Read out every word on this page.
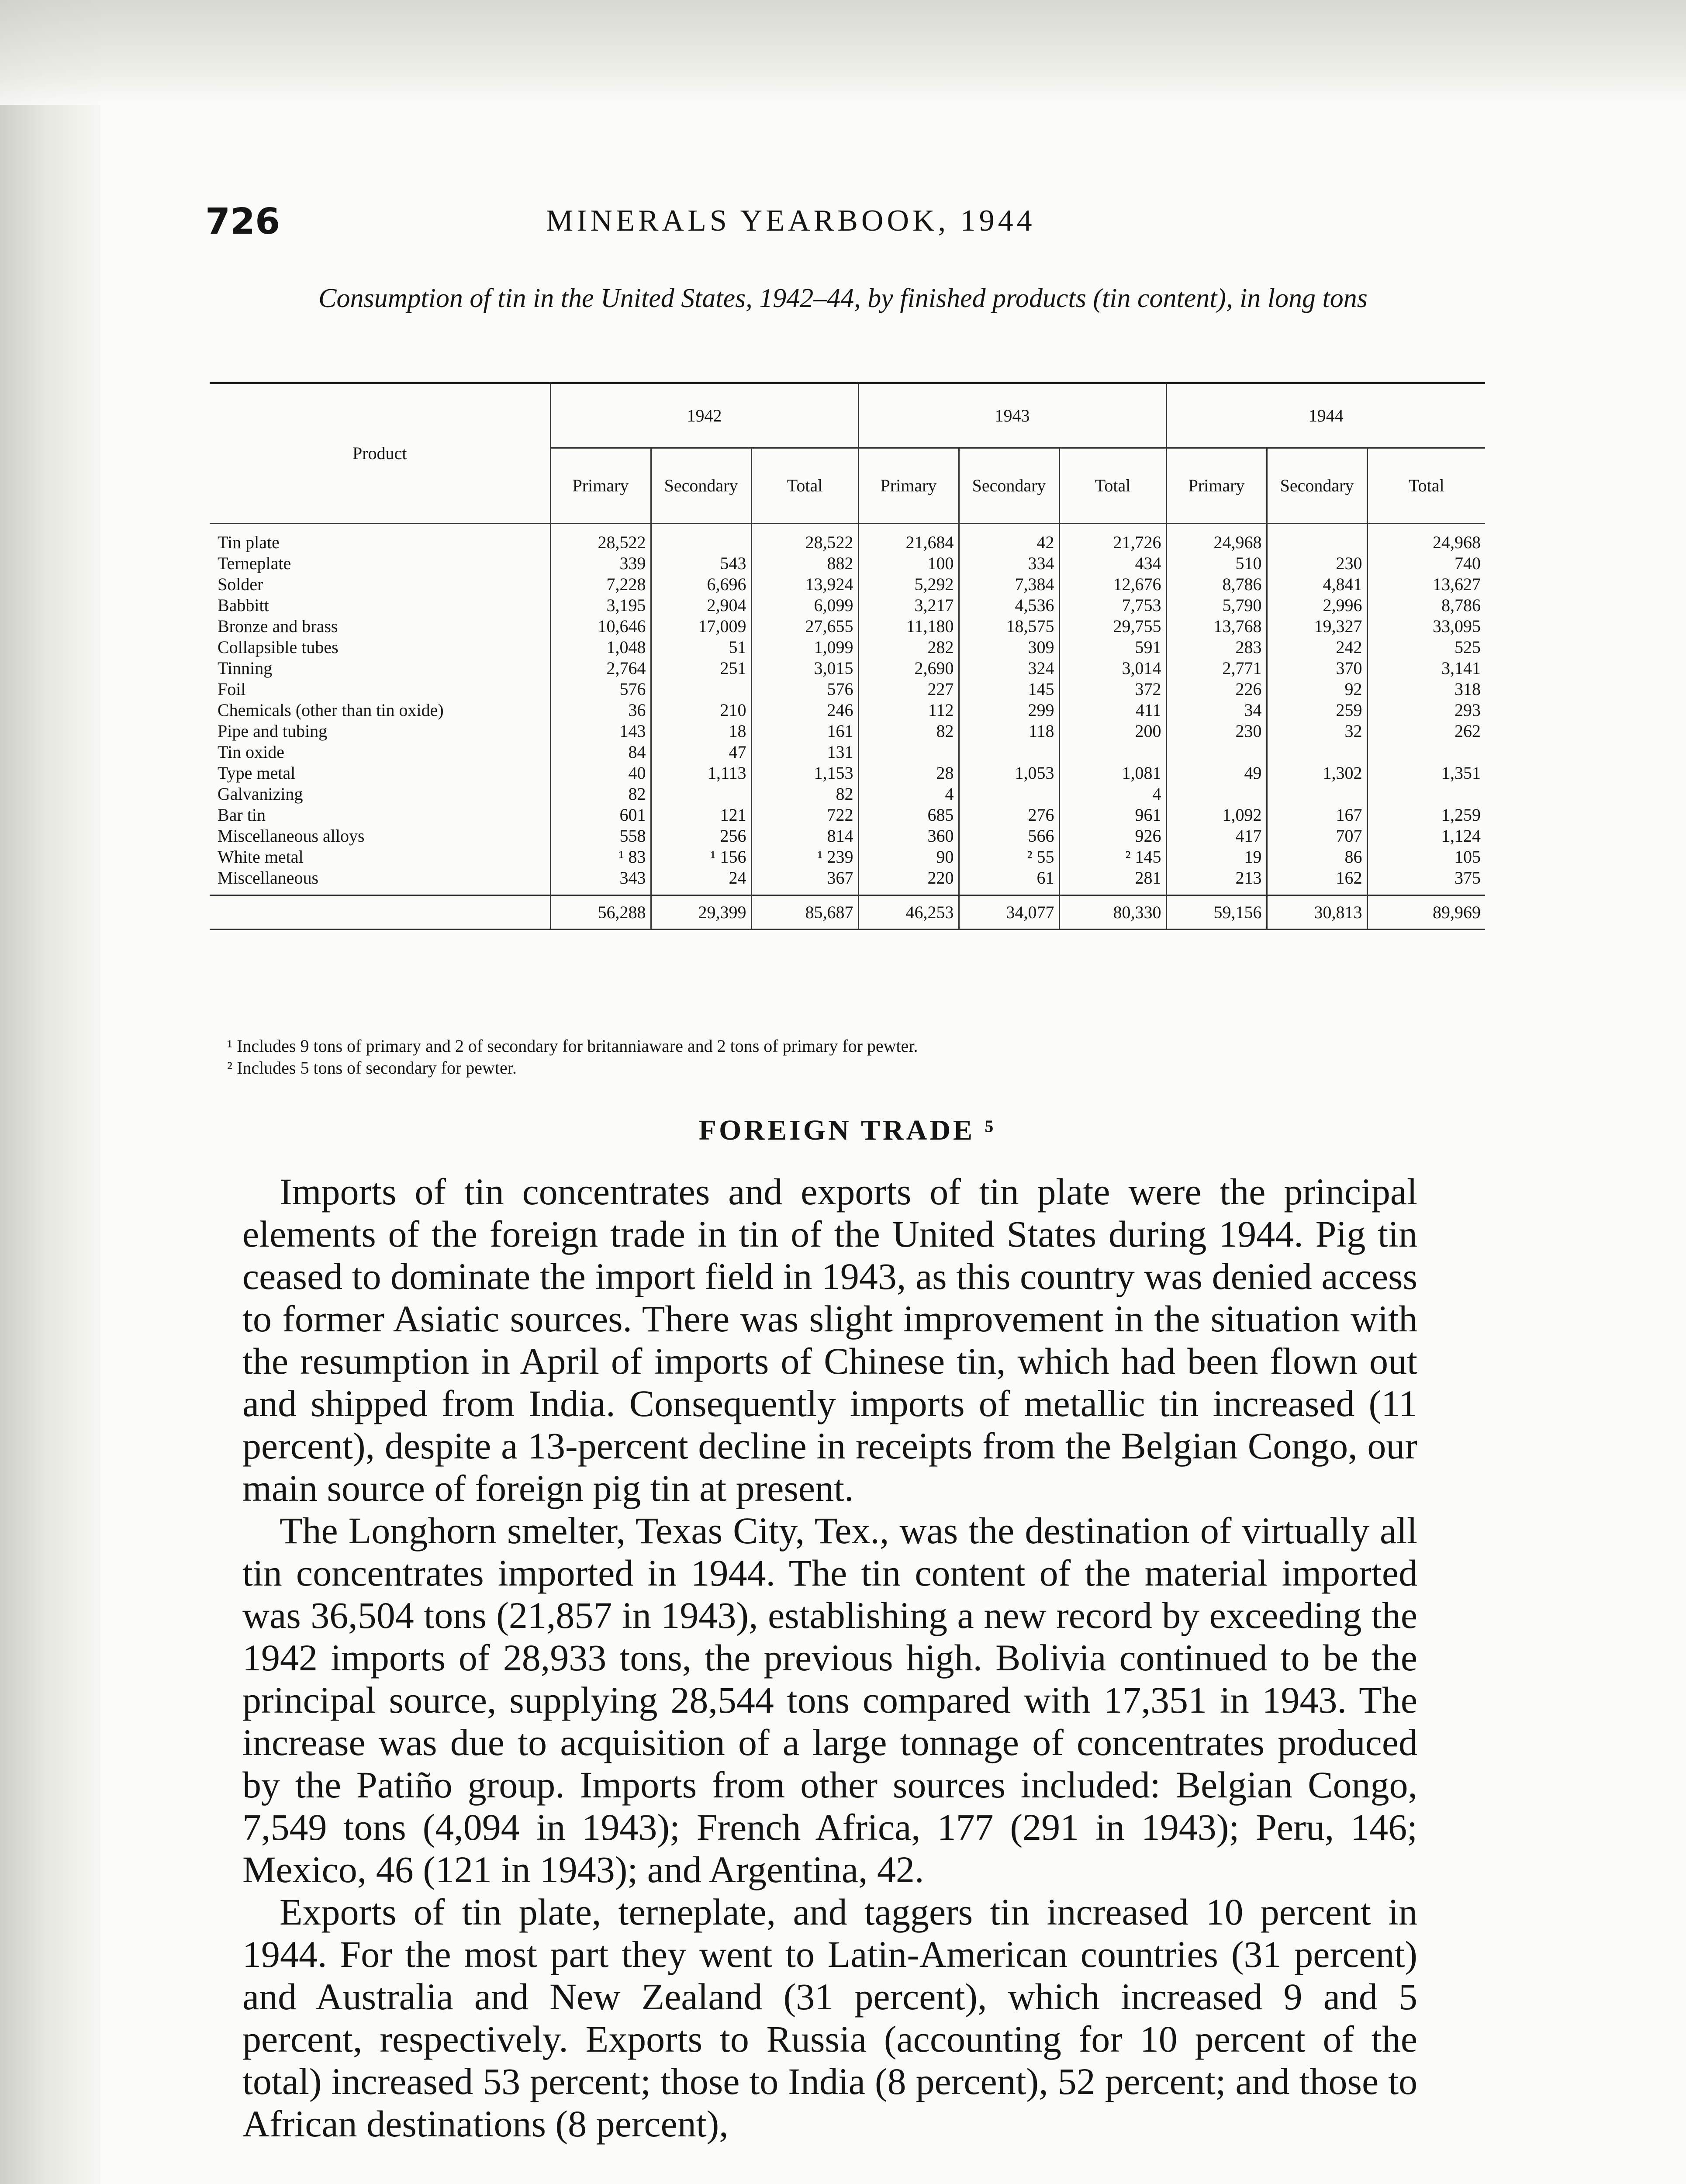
726	MINERALS YEARBOOK, 1944
Consumption of tin in the United States, 1942–44, by finished products (tin content), in long tons
Product	1942			1943			1944		
	Primary	Secondary	Total	Primary	Secondary	Total	Primary	Secondary	Total
Tin plate	28,522		28,522	21,684	42	21,726	24,968		24,968
Terneplate	339	543	882	100	334	434	510	230	740
Solder	7,228	6,696	13,924	5,292	7,384	12,676	8,786	4,841	13,627
Babbitt	3,195	2,904	6,099	3,217	4,536	7,753	5,790	2,996	8,786
Bronze and brass	10,646	17,009	27,655	11,180	18,575	29,755	13,768	19,327	33,095
Collapsible tubes	1,048	51	1,099	282	309	591	283	242	525
Tinning	2,764	251	3,015	2,690	324	3,014	2,771	370	3,141
Foil	576		576	227	145	372	226	92	318
Chemicals (other than tin oxide)	36	210	246	112	299	411	34	259	293
Pipe and tubing	143	18	161	82	118	200	230	32	262
Tin oxide	84	47	131						
Type metal	40	1,113	1,153	28	1,053	1,081	49	1,302	1,351
Galvanizing	82		82	4		4			
Bar tin	601	121	722	685	276	961	1,092	167	1,259
Miscellaneous alloys	558	256	814	360	566	926	417	707	1,124
White metal	¹ 83	¹ 156	¹ 239	90	² 55	² 145	19	86	105
Miscellaneous	343	24	367	220	61	281	213	162	375
	56,288	29,399	85,687	46,253	34,077	80,330	59,156	30,813	89,969

¹ Includes 9 tons of primary and 2 of secondary for britanniaware and 2 tons of primary for pewter.

² Includes 5 tons of secondary for pewter.

FOREIGN TRADE ⁵

Imports of tin concentrates and exports of tin plate were the principal elements of the foreign trade in tin of the United States during 1944. Pig tin ceased to dominate the import field in 1943, as this country was denied access to former Asiatic sources. There was slight improvement in the situation with the resumption in April of imports of Chinese tin, which had been flown out and shipped from India. Consequently imports of metallic tin increased (11 percent), despite a 13-percent decline in receipts from the Belgian Congo, our main source of foreign pig tin at present.

The Longhorn smelter, Texas City, Tex., was the destination of virtually all tin concentrates imported in 1944. The tin content of the material imported was 36,504 tons (21,857 in 1943), establishing a new record by exceeding the 1942 imports of 28,933 tons, the previous high. Bolivia continued to be the principal source, supplying 28,544 tons compared with 17,351 in 1943. The increase was due to acquisition of a large tonnage of concentrates produced by the Patiño group. Imports from other sources included: Belgian Congo, 7,549 tons (4,094 in 1943); French Africa, 177 (291 in 1943); Peru, 146; Mexico, 46 (121 in 1943); and Argentina, 42.

Exports of tin plate, terneplate, and taggers tin increased 10 percent in 1944. For the most part they went to Latin-American countries (31 percent) and Australia and New Zealand (31 percent), which increased 9 and 5 percent, respectively. Exports to Russia (accounting for 10 percent of the total) increased 53 percent; those to India (8 percent), 52 percent; and those to African destinations (8 percent),
